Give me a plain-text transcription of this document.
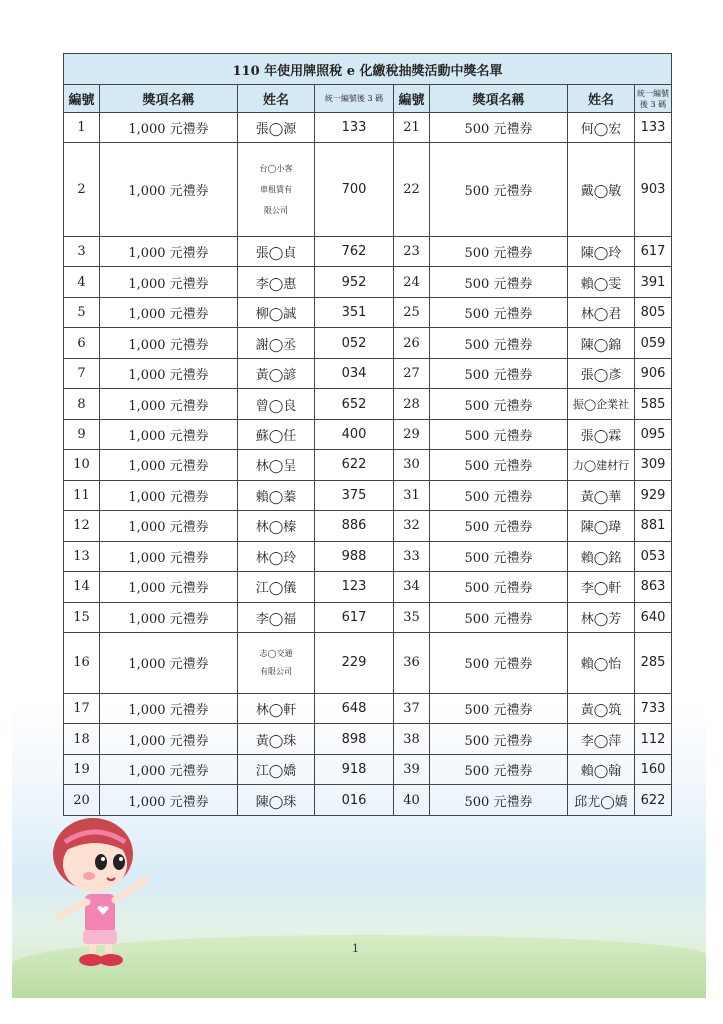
110 年使用牌照稅 e 化繳稅抽獎活動中獎名單							
編號	獎項名稱	姓名	統一編號後 3 碼	編號	獎項名稱	姓名	統一編號後 3 碼
1	1,000 元禮券	張◯源	133	21	500 元禮券	何◯宏	133
2	1,000 元禮券	台◯小客
車租賃有
限公司	700	22	500 元禮券	戴◯敏	903
3	1,000 元禮券	張◯貞	762	23	500 元禮券	陳◯玲	617
4	1,000 元禮券	李◯惠	952	24	500 元禮券	賴◯雯	391
5	1,000 元禮券	柳◯誠	351	25	500 元禮券	林◯君	805
6	1,000 元禮券	謝◯丞	052	26	500 元禮券	陳◯錦	059
7	1,000 元禮券	黃◯諺	034	27	500 元禮券	張◯彥	906
8	1,000 元禮券	曾◯良	652	28	500 元禮券	振◯企業社	585
9	1,000 元禮券	蘇◯任	400	29	500 元禮券	張◯霖	095
10	1,000 元禮券	林◯呈	622	30	500 元禮券	力◯建材行	309
11	1,000 元禮券	賴◯蓁	375	31	500 元禮券	黃◯華	929
12	1,000 元禮券	林◯榛	886	32	500 元禮券	陳◯瑋	881
13	1,000 元禮券	林◯玲	988	33	500 元禮券	賴◯銘	053
14	1,000 元禮券	江◯儀	123	34	500 元禮券	李◯軒	863
15	1,000 元禮券	李◯福	617	35	500 元禮券	林◯芳	640
16	1,000 元禮券	志◯交通
有限公司	229	36	500 元禮券	賴◯怡	285
17	1,000 元禮券	林◯軒	648	37	500 元禮券	黃◯筑	733
18	1,000 元禮券	黃◯珠	898	38	500 元禮券	李◯萍	112
19	1,000 元禮券	江◯嬌	918	39	500 元禮券	賴◯翰	160
20	1,000 元禮券	陳◯珠	016	40	500 元禮券	邱尤◯嬌	622
1
